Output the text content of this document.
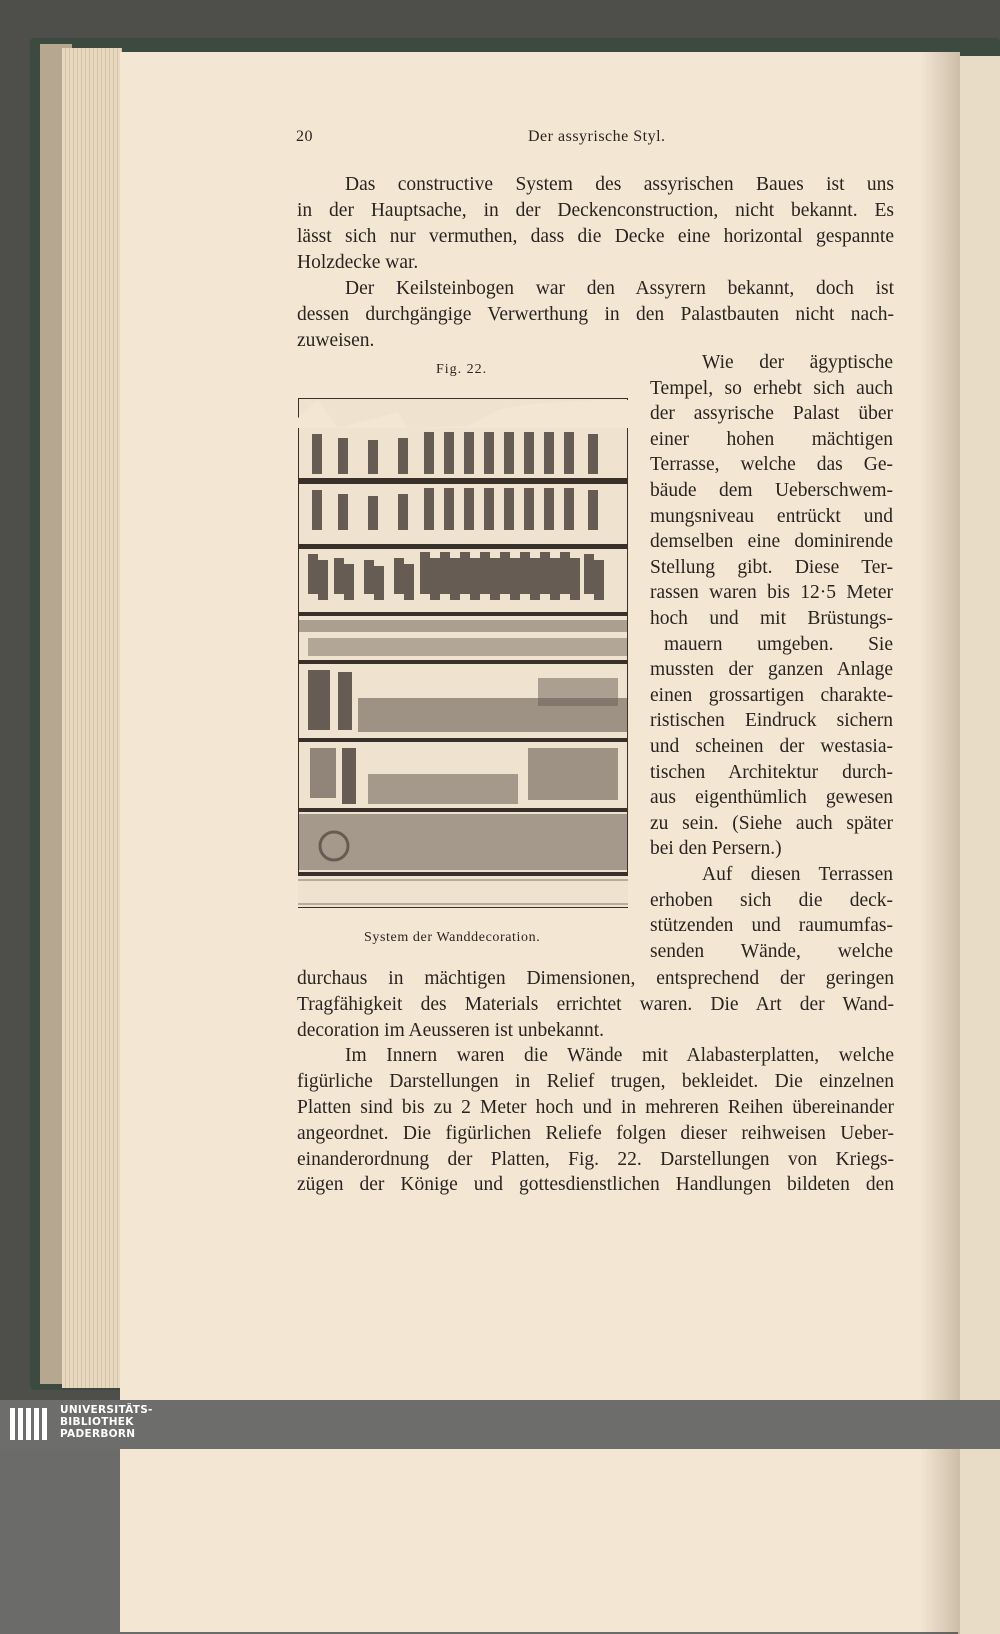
20	Der assyrische Styl.
Das constructive System des assyrischen Baues ist uns
in der Hauptsache, in der Deckenconstruction, nicht bekannt. Es
lässt sich nur vermuthen, dass die Decke eine horizontal gespannte
Holzdecke war.
Der Keilsteinbogen war den Assyrern bekannt, doch ist
dessen durchgängige Verwerthung in den Palastbauten nicht nach-
zuweisen.
Wie der ägyptische
Tempel, so erhebt sich auch
der assyrische Palast über
einer hohen mächtigen
Terrasse, welche das Ge-
bäude dem Ueberschwem-
mungsniveau entrückt und
demselben eine dominirende
Stellung gibt. Diese Ter-
rassen waren bis 12·5 Meter
hoch und mit Brüstungs-
mauern umgeben. Sie
mussten der ganzen Anlage
einen grossartigen charakte-
ristischen Eindruck sichern
und scheinen der westasia-
tischen Architektur durch-
aus eigenthümlich gewesen
zu sein. (Siehe auch später
bei den Persern.)
Auf diesen Terrassen
erhoben sich die deck-
stützenden und raumumfas-
senden Wände, welche
durchaus in mächtigen Dimensionen, entsprechend der geringen
Tragfähigkeit des Materials errichtet waren. Die Art der Wand-
decoration im Aeusseren ist unbekannt.
Im Innern waren die Wände mit Alabasterplatten, welche
figürliche Darstellungen in Relief trugen, bekleidet. Die einzelnen
Platten sind bis zu 2 Meter hoch und in mehreren Reihen übereinander
angeordnet. Die figürlichen Reliefe folgen dieser reihweisen Ueber-
einanderordnung der Platten, Fig. 22. Darstellungen von Kriegs-
zügen der Könige und gottesdienstlichen Handlungen bildeten den
Fig. 22.
System der Wanddecoration.
UNIVERSITÄTS-
BIBLIOTHEK
PADERBORN
